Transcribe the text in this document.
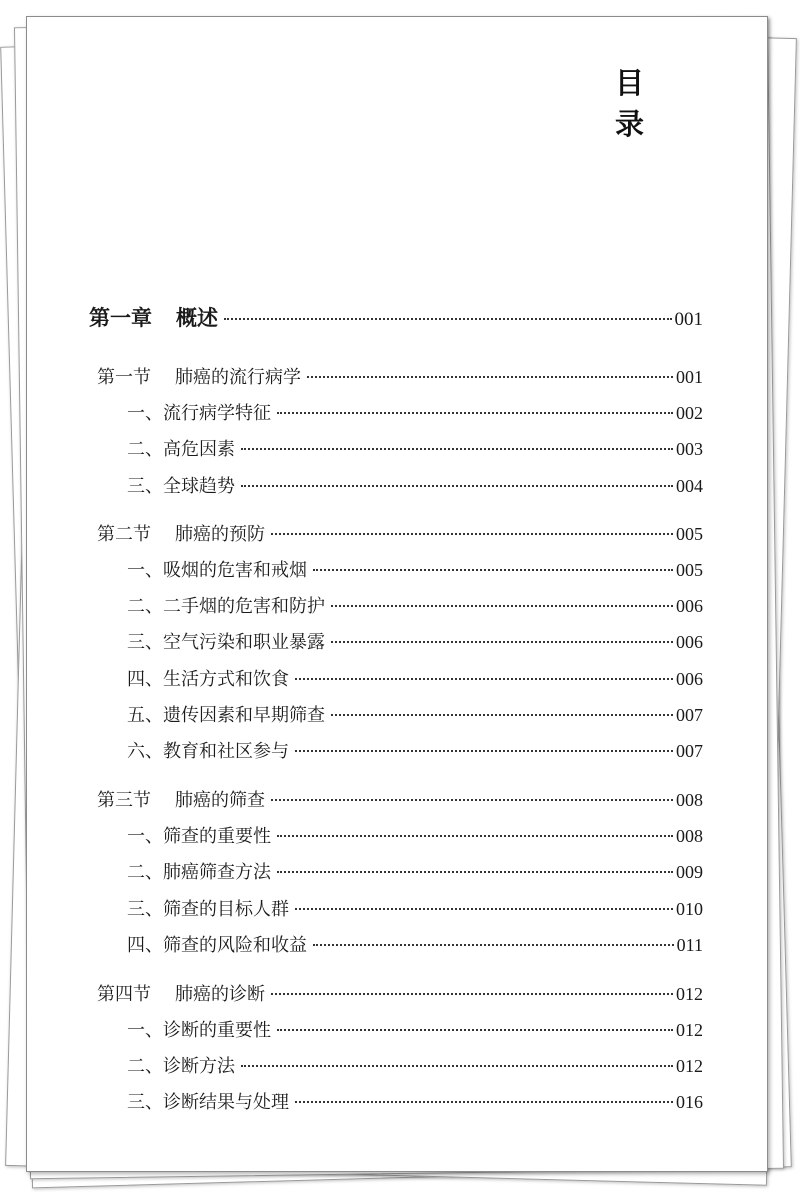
目 录
第一章 概述	001
第一节 肺癌的流行病学	001
一、流行病学特征	002
二、高危因素	003
三、全球趋势	004
第二节 肺癌的预防	005
一、吸烟的危害和戒烟	005
二、二手烟的危害和防护	006
三、空气污染和职业暴露	006
四、生活方式和饮食	006
五、遗传因素和早期筛查	007
六、教育和社区参与	007
第三节 肺癌的筛查	008
一、筛查的重要性	008
二、肺癌筛查方法	009
三、筛查的目标人群	010
四、筛查的风险和收益	011
第四节 肺癌的诊断	012
一、诊断的重要性	012
二、诊断方法	012
三、诊断结果与处理	016
